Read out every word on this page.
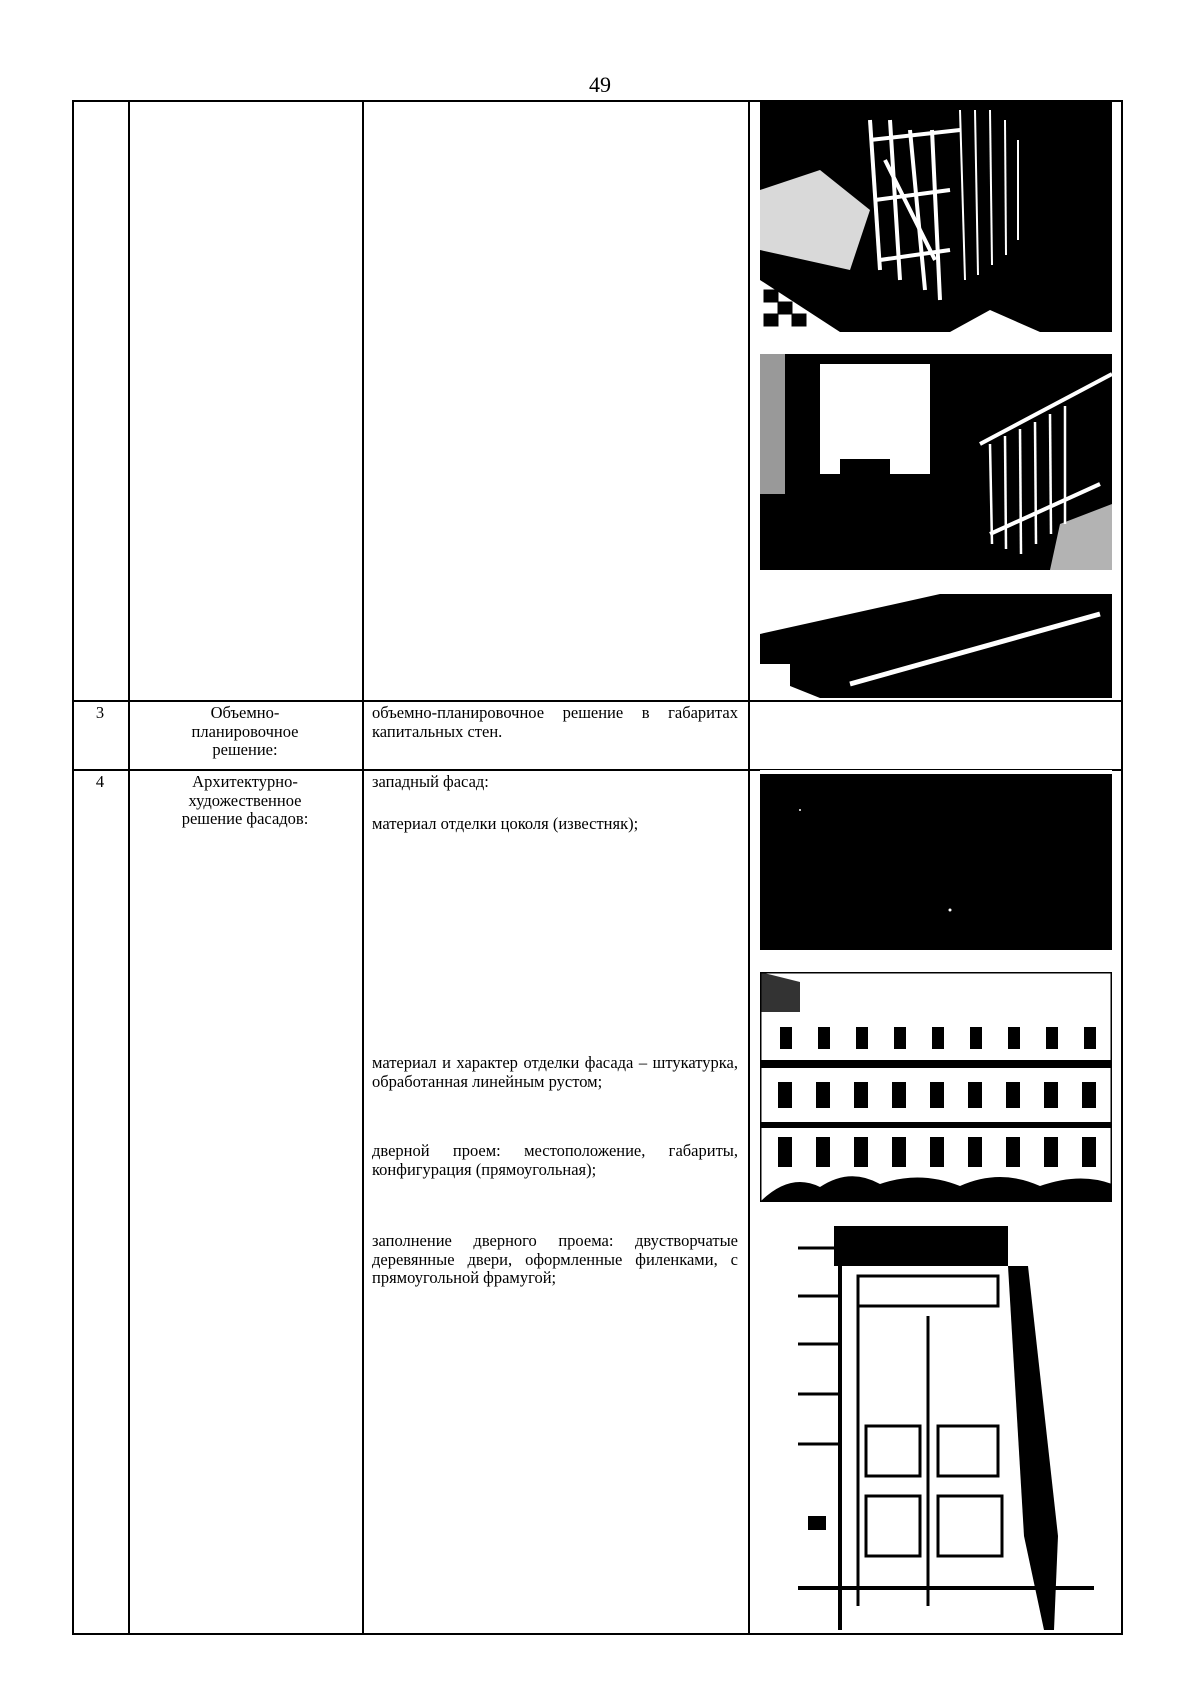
49
3	Объемно-
планировочное
решение:
объемно-планировочное решение в габаритах капитальных стен.
4	Архитектурно-
художественное
решение фасадов:
западный фасад:
материал отделки цоколя (известняк);
материал и характер отделки фасада – штукатурка, обработанная линейным рустом;
дверной проем: местоположение, габариты, конфигурация (прямоугольная);
заполнение дверного проема: двустворчатые деревянные двери, оформленные филенками, с прямоугольной фрамугой;
